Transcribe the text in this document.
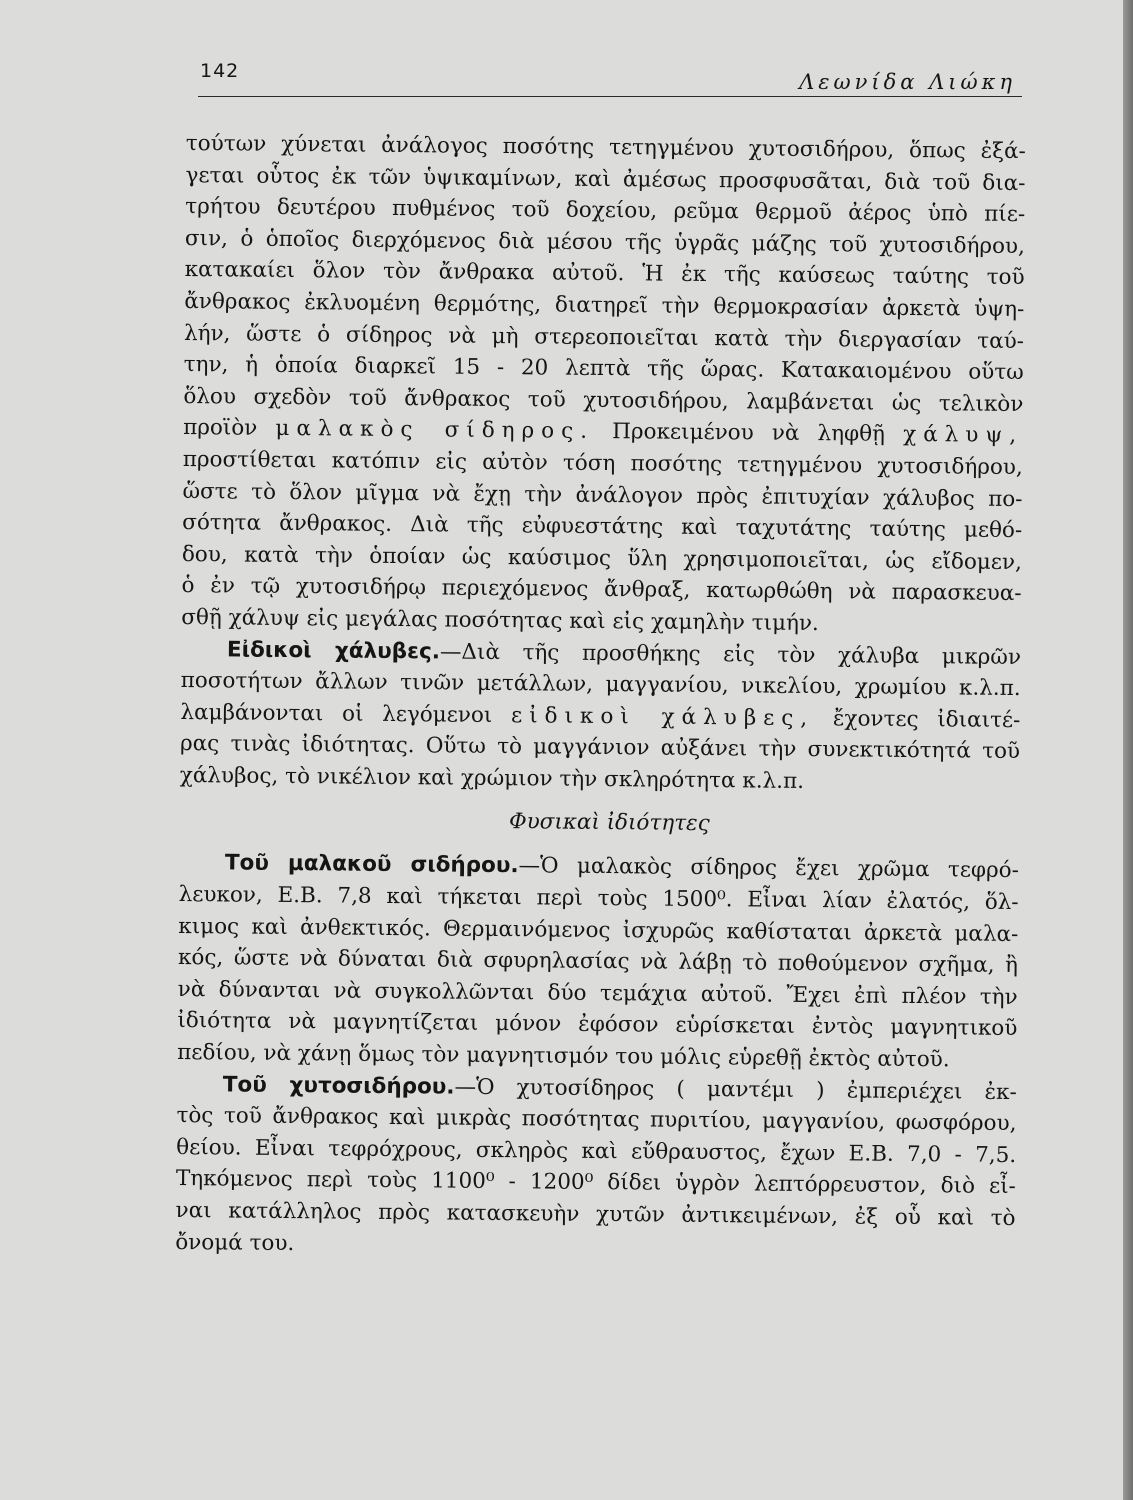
142	Λεωνίδα Λιώκη
τούτων χύνεται ἀνάλογος ποσότης τετηγμένου χυτοσιδήρου, ὅπως ἐξά-
γεται οὗτος ἐκ τῶν ὑψικαμίνων, καὶ ἀμέσως προσφυσᾶται, διὰ τοῦ δια-
τρήτου δευτέρου πυθμένος τοῦ δοχείου, ρεῦμα θερμοῦ ἀέρος ὑπὸ πίε-
σιν, ὁ ὁποῖος διερχόμενος διὰ μέσου τῆς ὑγρᾶς μάζης τοῦ χυτοσιδήρου,
κατακαίει ὅλον τὸν ἄνθρακα αὐτοῦ. Ἡ ἐκ τῆς καύσεως ταύτης τοῦ
ἄνθρακος ἐκλυομένη θερμότης, διατηρεῖ τὴν θερμοκρασίαν ἀρκετὰ ὑψη-
λήν, ὥστε ὁ σίδηρος νὰ μὴ στερεοποιεῖται κατὰ τὴν διεργασίαν ταύ-
την, ἡ ὁποία διαρκεῖ 15 - 20 λεπτὰ τῆς ὥρας. Κατακαιομένου οὕτω
ὅλου σχεδὸν τοῦ ἄνθρακος τοῦ χυτοσιδήρου, λαμβάνεται ὡς τελικὸν
προϊὸν μαλακὸς σίδηρος. Προκειμένου νὰ ληφθῇ χάλυψ,
προστίθεται κατόπιν εἰς αὐτὸν τόση ποσότης τετηγμένου χυτοσιδήρου,
ὥστε τὸ ὅλον μῖγμα νὰ ἔχῃ τὴν ἀνάλογον πρὸς ἐπιτυχίαν χάλυβος πο-
σότητα ἄνθρακος. Διὰ τῆς εὐφυεστάτης καὶ ταχυτάτης ταύτης μεθό-
δου, κατὰ τὴν ὁποίαν ὡς καύσιμος ὕλη χρησιμοποιεῖται, ὡς εἴδομεν,
ὁ ἐν τῷ χυτοσιδήρῳ περιεχόμενος ἄνθραξ, κατωρθώθη νὰ παρασκευα-
σθῇ χάλυψ εἰς μεγάλας ποσότητας καὶ εἰς χαμηλὴν τιμήν.
Εἰδικοὶ χάλυβες.—Διὰ τῆς προσθήκης εἰς τὸν χάλυβα μικρῶν
ποσοτήτων ἄλλων τινῶν μετάλλων, μαγγανίου, νικελίου, χρωμίου κ.λ.π.
λαμβάνονται οἱ λεγόμενοι εἰδικοὶ χάλυβες, ἔχοντες ἰδιαιτέ-
ρας τινὰς ἰδιότητας. Οὕτω τὸ μαγγάνιον αὐξάνει τὴν συνεκτικότητά τοῦ
χάλυβος, τὸ νικέλιον καὶ χρώμιον τὴν σκληρότητα κ.λ.π.
Φυσικαὶ ἰδιότητες
Τοῦ μαλακοῦ σιδήρου.—Ὁ μαλακὸς σίδηρος ἔχει χρῶμα τεφρό-
λευκον, Ε.Β. 7,8 καὶ τήκεται περὶ τοὺς 1500⁰. Εἶναι λίαν ἐλατός, ὅλ-
κιμος καὶ ἀνθεκτικός. Θερμαινόμενος ἰσχυρῶς καθίσταται ἀρκετὰ μαλα-
κός, ὥστε νὰ δύναται διὰ σφυρηλασίας νὰ λάβῃ τὸ ποθούμενον σχῆμα, ἢ
νὰ δύνανται νὰ συγκολλῶνται δύο τεμάχια αὐτοῦ. Ἔχει ἐπὶ πλέον τὴν
ἰδιότητα νὰ μαγνητίζεται μόνον ἐφόσον εὑρίσκεται ἐντὸς μαγνητικοῦ
πεδίου, νὰ χάνῃ ὅμως τὸν μαγνητισμόν του μόλις εὑρεθῇ ἐκτὸς αὐτοῦ.
Τοῦ χυτοσιδήρου.—Ὁ χυτοσίδηρος ( μαντέμι ) ἐμπεριέχει ἐκ-
τὸς τοῦ ἄνθρακος καὶ μικρὰς ποσότητας πυριτίου, μαγγανίου, φωσφόρου,
θείου. Εἶναι τεφρόχρους, σκληρὸς καὶ εὔθραυστος, ἔχων Ε.Β. 7,0 - 7,5.
Τηκόμενος περὶ τοὺς 1100⁰ - 1200⁰ δίδει ὑγρὸν λεπτόρρευστον, διὸ εἶ-
ναι κατάλληλος πρὸς κατασκευὴν χυτῶν ἀντικειμένων, ἐξ οὗ καὶ τὸ
ὄνομά του.
